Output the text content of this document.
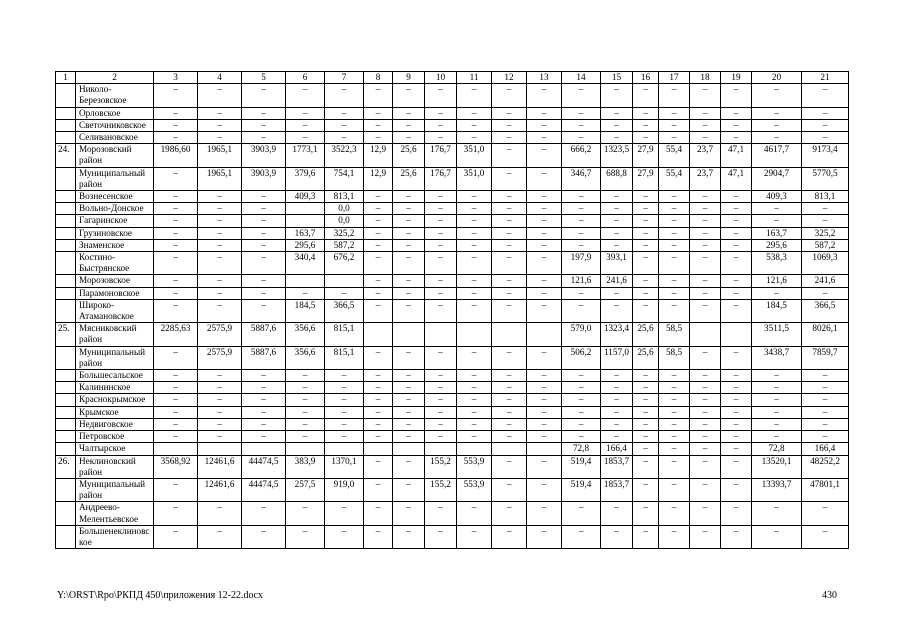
1	2	3	4	5	6	7	8	9	10	11	12	13	14	15	16	17	18	19	20	21
	Николо-Березовское	–	–	–	–	–	–	–	–	–	–	–	–	–	–	–	–	–	–	–
	Орловское	–	–	–	–	–	–	–	–	–	–	–	–	–	–	–	–	–	–	–
	Светочниковское	–	–	–	–	–	–	–	–	–	–	–	–	–	–	–	–	–	–	–
	Селивановское	–	–	–	–	–	–	–	–	–	–	–	–	–	–	–	–	–	–	–
24.	Морозовский район	1986,60	1965,1	3903,9	1773,1	3522,3	12,9	25,6	176,7	351,0	–	–	666,2	1323,5	27,9	55,4	23,7	47,1	4617,7	9173,4
	Муниципальный район	–	1965,1	3903,9	379,6	754,1	12,9	25,6	176,7	351,0	–	–	346,7	688,8	27,9	55,4	23,7	47,1	2904,7	5770,5
	Вознесенское	–	–	–	409,3	813,1	–	–	–	–	–	–	–	–	–	–	–	–	409,3	813,1
	Вольно-Донское	–	–	–		0,0	–	–	–	–	–	–	–	–	–	–	–	–	–	–
	Гагаринское	–	–	–		0,0	–	–	–	–	–	–	–	–	–	–	–	–	–	–
	Грузиновское	–	–	–	163,7	325,2	–	–	–	–	–	–	–	–	–	–	–	–	163,7	325,2
	Знаменское	–	–	–	295,6	587,2	–	–	–	–	–	–	–	–	–	–	–	–	295,6	587,2
	Костино-Быстрянское	–	–	–	340,4	676,2	–	–	–	–	–	–	197,9	393,1	–	–	–	–	538,3	1069,3
	Морозовское	–	–	–			–	–	–	–	–	–	121,6	241,6	–	–	–	–	121,6	241,6
	Парамоновское	–	–	–	–	–	–	–	–	–	–	–	–	–	–	–	–	–	–	–
	Широко-Атамановское	–	–	–	184,5	366,5	–	–	–	–	–	–	–	–	–	–	–	–	184,5	366,5
25.	Мясниковский район	2285,63	2575,9	5887,6	356,6	815,1							579,0	1323,4	25,6	58,5			3511,5	8026,1
	Муниципальный район	–	2575,9	5887,6	356,6	815,1	–	–	–	–	–	–	506,2	1157,0	25,6	58,5	–	–	3438,7	7859,7
	Большесальское	–	–	–	–	–	–	–	–	–	–	–	–	–	–	–	–	–	–	–
	Калининское	–	–	–	–	–	–	–	–	–	–	–	–	–	–	–	–	–	–	–
	Краснокрымское	–	–	–	–	–	–	–	–	–	–	–	–	–	–	–	–	–	–	–
	Крымское	–	–	–	–	–	–	–	–	–	–	–	–	–	–	–	–	–	–	–
	Недвиговское	–	–	–	–	–	–	–	–	–	–	–	–	–	–	–	–	–	–	–
	Петровское	–	–	–	–	–	–	–	–	–	–	–	–	–	–	–	–	–	–	–
	Чалтырское												72,8	166,4	–	–	–	–	72,8	166,4
26.	Неклиновский район	3568,92	12461,6	44474,5	383,9	1370,1	–	–	155,2	553,9	–	–	519,4	1853,7	–	–	–	–	13520,1	48252,2
	Муниципальный район	–	12461,6	44474,5	257,5	919,0	–	–	155,2	553,9	–	–	519,4	1853,7	–	–	–	–	13393,7	47801,1
	Андреево-Мелентьевское	–	–	–	–	–	–	–	–	–	–	–	–	–	–	–	–	–	–	–
	Большенеклиновское	–	–	–	–	–	–	–	–	–	–	–	–	–	–	–	–	–	–	–
Y:\ORST\Rpo\РКПД 450\приложения 12-22.docx	430
